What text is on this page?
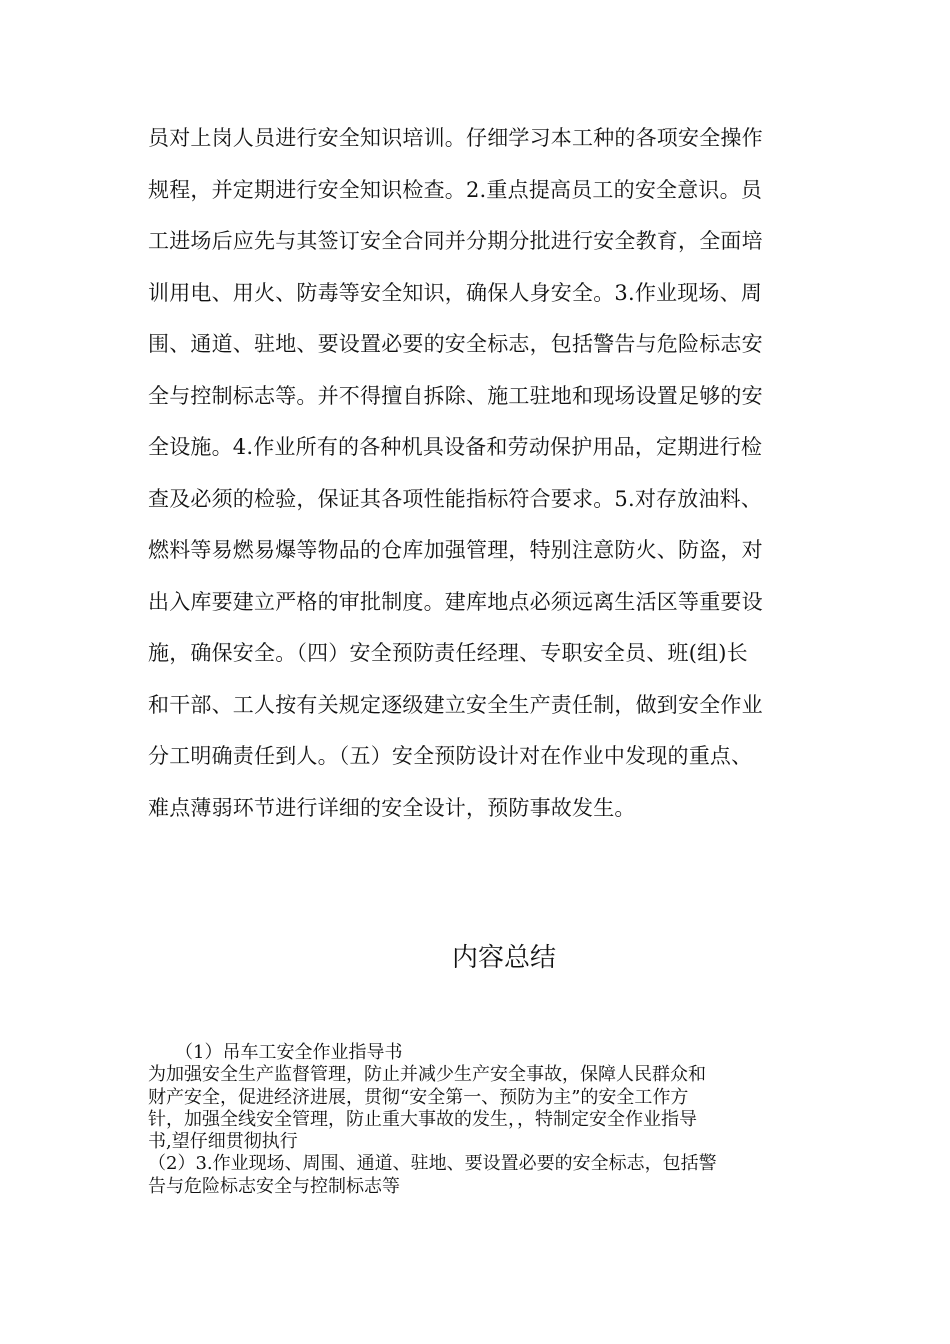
员对上岗人员进行安全知识培训。仔细学习本工种的各项安全操作
规程，并定期进行安全知识检查。2.重点提高员工的安全意识。员
工进场后应先与其签订安全合同并分期分批进行安全教育，全面培
训用电、用火、防毒等安全知识，确保人身安全。3.作业现场、周
围、通道、驻地、要设置必要的安全标志，包括警告与危险标志安
全与控制标志等。并不得擅自拆除、施工驻地和现场设置足够的安
全设施。4.作业所有的各种机具设备和劳动保护用品，定期进行检
查及必须的检验，保证其各项性能指标符合要求。5.对存放油料、
燃料等易燃易爆等物品的仓库加强管理，特别注意防火、防盗，对
出入库要建立严格的审批制度。建库地点必须远离生活区等重要设
施，确保安全。（四）安全预防责任经理、专职安全员、班(组)长
和干部、工人按有关规定逐级建立安全生产责任制，做到安全作业
分工明确责任到人。（五）安全预防设计对在作业中发现的重点、
难点薄弱环节进行详细的安全设计，预防事故发生。
内容总结
　　（1）吊车工安全作业指导书
为加强安全生产监督管理，防止并减少生产安全事故，保障人民群众和
财产安全，促进经济进展，贯彻“安全第一、预防为主”的安全工作方
针，加强全线安全管理，防止重大事故的发生，，特制定安全作业指导
书,望仔细贯彻执行
（2）3.作业现场、周围、通道、驻地、要设置必要的安全标志，包括警
告与危险标志安全与控制标志等
